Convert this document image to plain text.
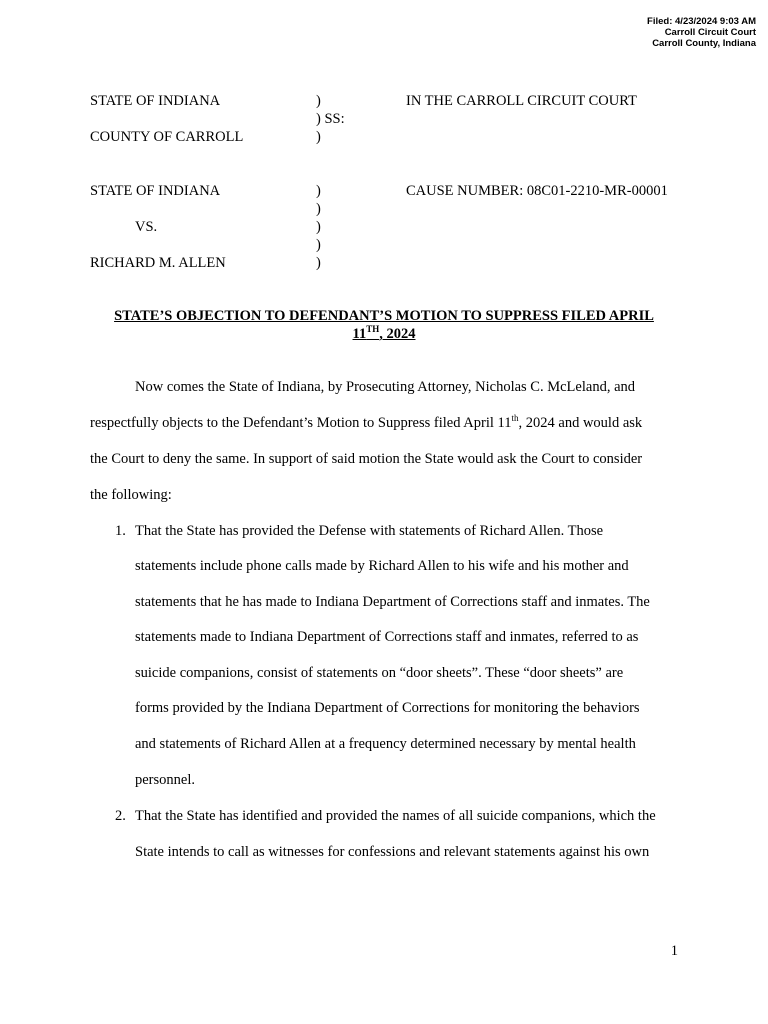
Filed: 4/23/2024 9:03 AM
Carroll Circuit Court
Carroll County, Indiana
STATE OF INDIANA	)	IN THE CARROLL CIRCUIT COURT
) SS:
COUNTY OF CARROLL	)
STATE OF INDIANA	)	CAUSE NUMBER: 08C01-2210-MR-00001
)
VS.	)
)
RICHARD M. ALLEN	)
STATE’S OBJECTION TO DEFENDANT’S MOTION TO SUPPRESS FILED APRIL
11TH, 2024
Now comes the State of Indiana, by Prosecuting Attorney, Nicholas C. McLeland, and
respectfully objects to the Defendant’s Motion to Suppress filed April 11th, 2024 and would ask
the Court to deny the same. In support of said motion the State would ask the Court to consider
the following:
1. That the State has provided the Defense with statements of Richard Allen. Those
statements include phone calls made by Richard Allen to his wife and his mother and
statements that he has made to Indiana Department of Corrections staff and inmates. The
statements made to Indiana Department of Corrections staff and inmates, referred to as
suicide companions, consist of statements on “door sheets”. These “door sheets” are
forms provided by the Indiana Department of Corrections for monitoring the behaviors
and statements of Richard Allen at a frequency determined necessary by mental health
personnel.
2. That the State has identified and provided the names of all suicide companions, which the
State intends to call as witnesses for confessions and relevant statements against his own
1
